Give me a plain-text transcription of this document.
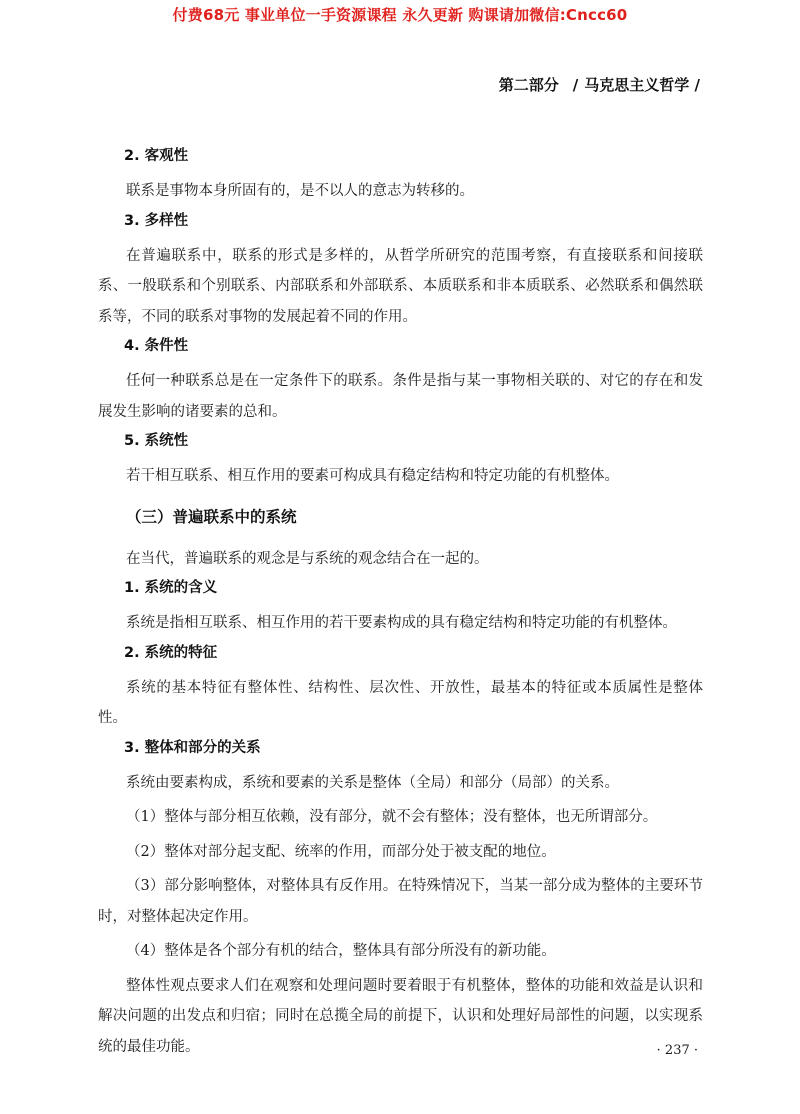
付费68元 事业单位一手资源课程 永久更新 购课请加微信:Cncc60
第二部分 / 马克思主义哲学 /
2. 客观性

联系是事物本身所固有的，是不以人的意志为转移的。

3. 多样性

在普遍联系中，联系的形式是多样的，从哲学所研究的范围考察，有直接联系和间接联系、一般联系和个别联系、内部联系和外部联系、本质联系和非本质联系、必然联系和偶然联系等，不同的联系对事物的发展起着不同的作用。

4. 条件性

任何一种联系总是在一定条件下的联系。条件是指与某一事物相关联的、对它的存在和发展发生影响的诸要素的总和。

5. 系统性

若干相互联系、相互作用的要素可构成具有稳定结构和特定功能的有机整体。

（三）普遍联系中的系统

在当代，普遍联系的观念是与系统的观念结合在一起的。

1. 系统的含义

系统是指相互联系、相互作用的若干要素构成的具有稳定结构和特定功能的有机整体。

2. 系统的特征

系统的基本特征有整体性、结构性、层次性、开放性，最基本的特征或本质属性是整体性。

3. 整体和部分的关系

系统由要素构成，系统和要素的关系是整体（全局）和部分（局部）的关系。

（1）整体与部分相互依赖，没有部分，就不会有整体；没有整体，也无所谓部分。

（2）整体对部分起支配、统率的作用，而部分处于被支配的地位。

（3）部分影响整体，对整体具有反作用。在特殊情况下，当某一部分成为整体的主要环节时，对整体起决定作用。

（4）整体是各个部分有机的结合，整体具有部分所没有的新功能。

整体性观点要求人们在观察和处理问题时要着眼于有机整体，整体的功能和效益是认识和解决问题的出发点和归宿；同时在总揽全局的前提下，认识和处理好局部性的问题，以实现系统的最佳功能。	· 237 ·
